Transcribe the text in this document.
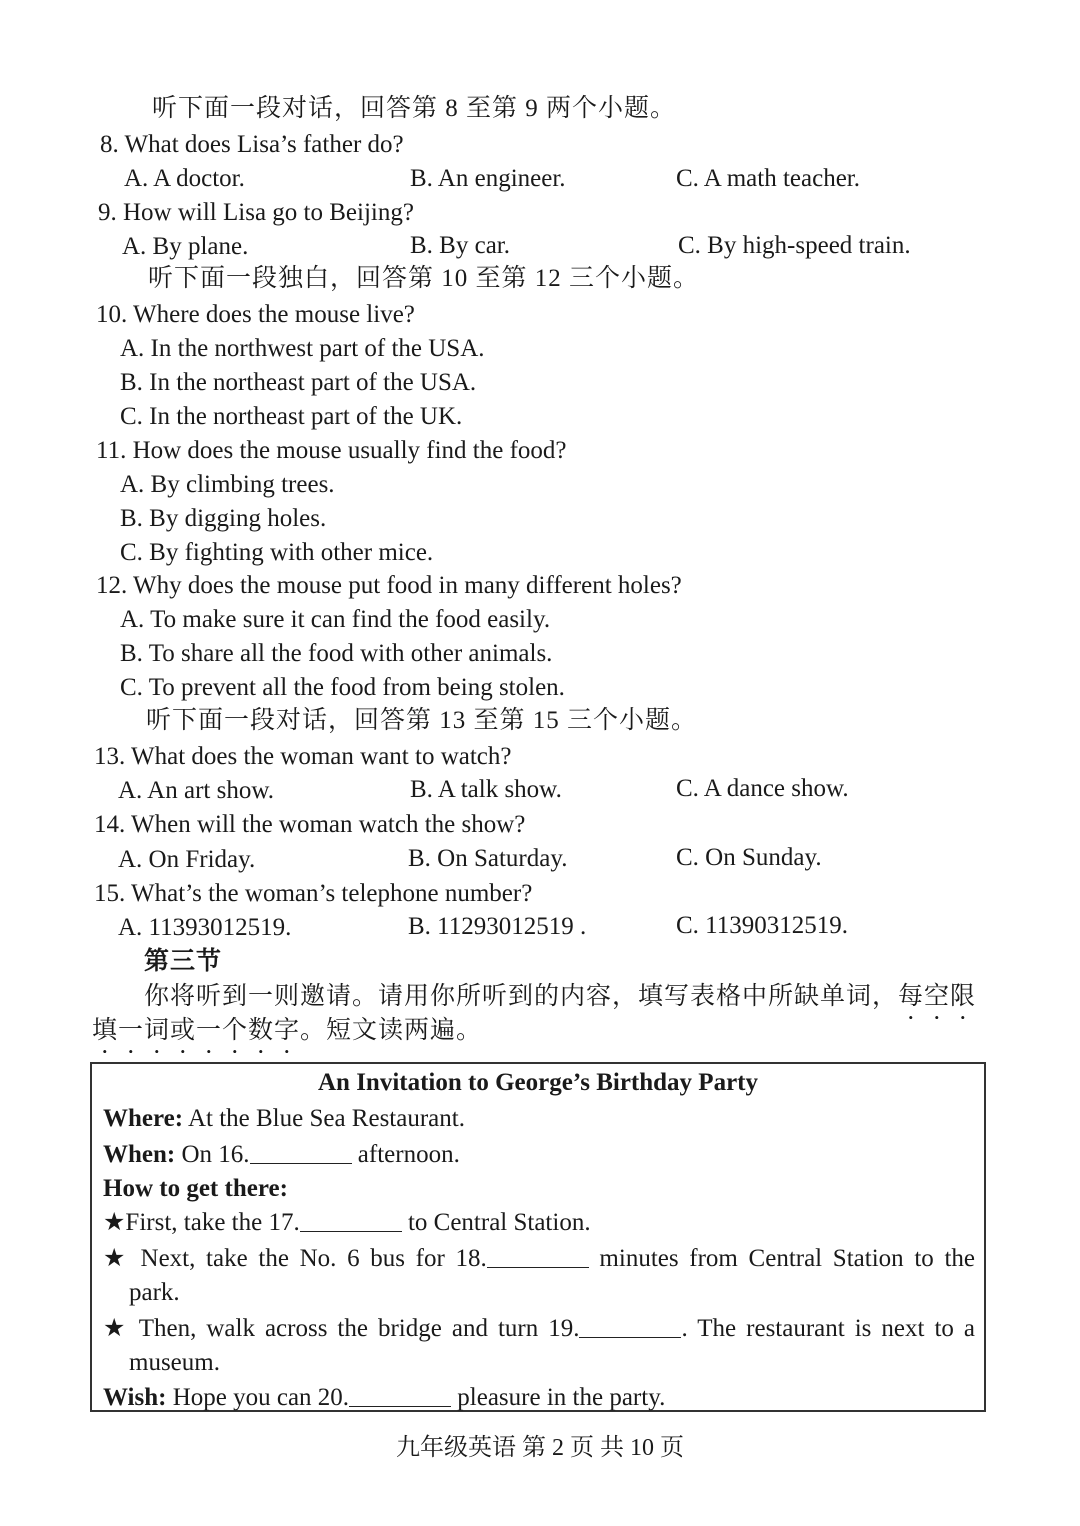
听下面一段对话，回答第 8 至第 9 两个小题。
8. What does Lisa’s father do?
A. A doctor.	B. An engineer.	C. A math teacher.
9. How will Lisa go to Beijing?
A. By plane.	B. By car.	C. By high-speed train.
听下面一段独白，回答第 10 至第 12 三个小题。
10. Where does the mouse live?
A. In the northwest part of the USA.
B. In the northeast part of the USA.
C. In the northeast part of the UK.
11. How does the mouse usually find the food?
A. By climbing trees.
B. By digging holes.
C. By fighting with other mice.
12. Why does the mouse put food in many different holes?
A. To make sure it can find the food easily.
B. To share all the food with other animals.
C. To prevent all the food from being stolen.
听下面一段对话，回答第 13 至第 15 三个小题。
13. What does the woman want to watch?
A. An art show.	B. A talk show.	C. A dance show.
14. When will the woman watch the show?
A. On Friday.	B. On Saturday.	C. On Sunday.
15. What’s the woman’s telephone number?
A. 11393012519.	B. 11293012519 .	C. 11390312519.
第三节
你将听到一则邀请。请用你所听到的内容，填写表格中所缺单词，每空限
填一词或一个数字。短文读两遍。
An Invitation to George’s Birthday Party
Where: At the Blue Sea Restaurant.
When: On 16.	afternoon.
How to get there:
★First, take the 17.	to Central Station.
★ Next, take the No. 6 bus for 18.	minutes from Central Station to the
park.
★ Then, walk across the bridge and turn 19.	. The restaurant is next to a
museum.
Wish: Hope you can 20.	pleasure in the party.
九年级英语 第 2 页 共 10 页
